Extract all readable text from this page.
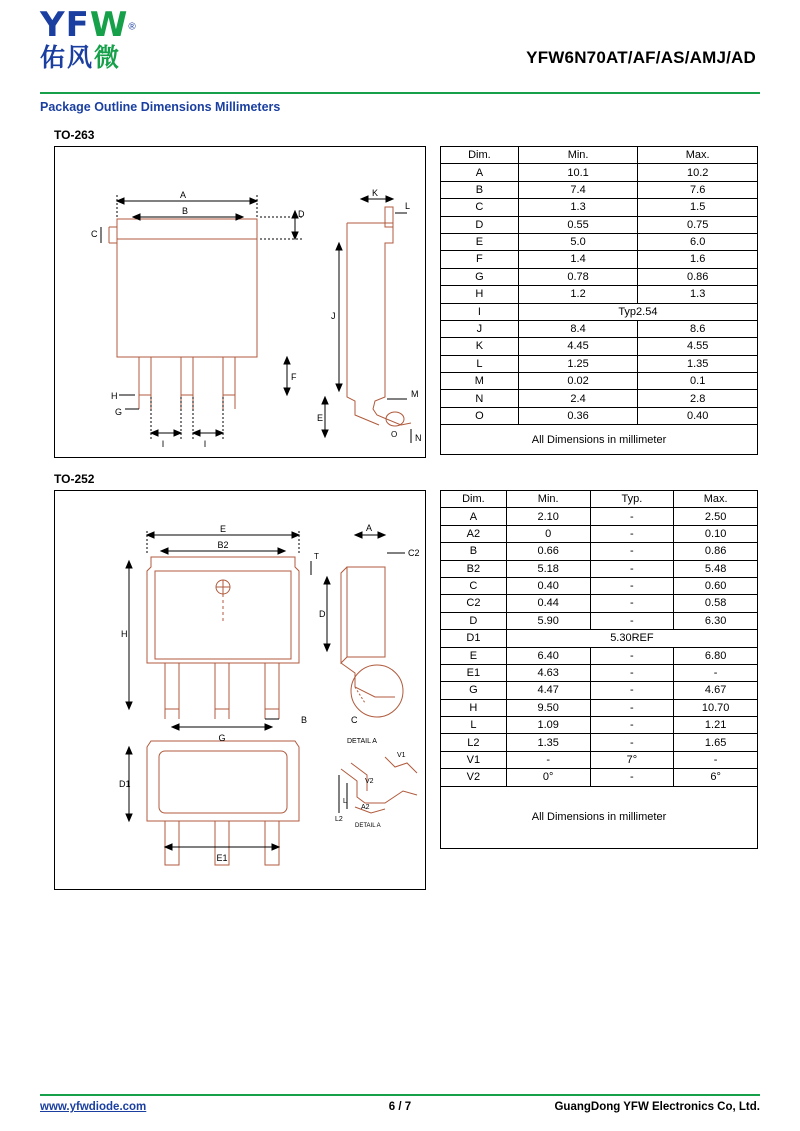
YFW®
佑风微	YFW6N70AT/AF/AS/AMJ/AD
Package Outline Dimensions Millimeters
TO-263
A
B	D
C
F
H
G
I	I
K
L
J
E
M
N
O
Dim.	Min.	Max.
A	10.1	10.2
B	7.4	7.6
C	1.3	1.5
D	0.55	0.75
E	5.0	6.0
F	1.4	1.6
G	0.78	0.86
H	1.2	1.3
I	Typ2.54	
J	8.4	8.6
K	4.45	4.55
L	1.25	1.35
M	0.02	0.1
N	2.4	2.8
O	0.36	0.40
All Dimensions in millimeter		
TO-252
E
B2
H
G
B
D1
E1
A
C2
T
D
C
DETAIL A
V1
V2
A2
L
L2
DETAIL A
Dim.	Min.	Typ.	Max.
A	2.10	-	2.50
A2	0	-	0.10
B	0.66	-	0.86
B2	5.18	-	5.48
C	0.40	-	0.60
C2	0.44	-	0.58
D	5.90	-	6.30
D1	5.30REF		
E	6.40	-	6.80
E1	4.63	-	-
G	4.47	-	4.67
H	9.50	-	10.70
L	1.09	-	1.21
L2	1.35	-	1.65
V1	-	7°	-
V2	0°	-	6°
All Dimensions in millimeter			
www.yfwdiode.com	6 / 7	GuangDong YFW Electronics Co, Ltd.
